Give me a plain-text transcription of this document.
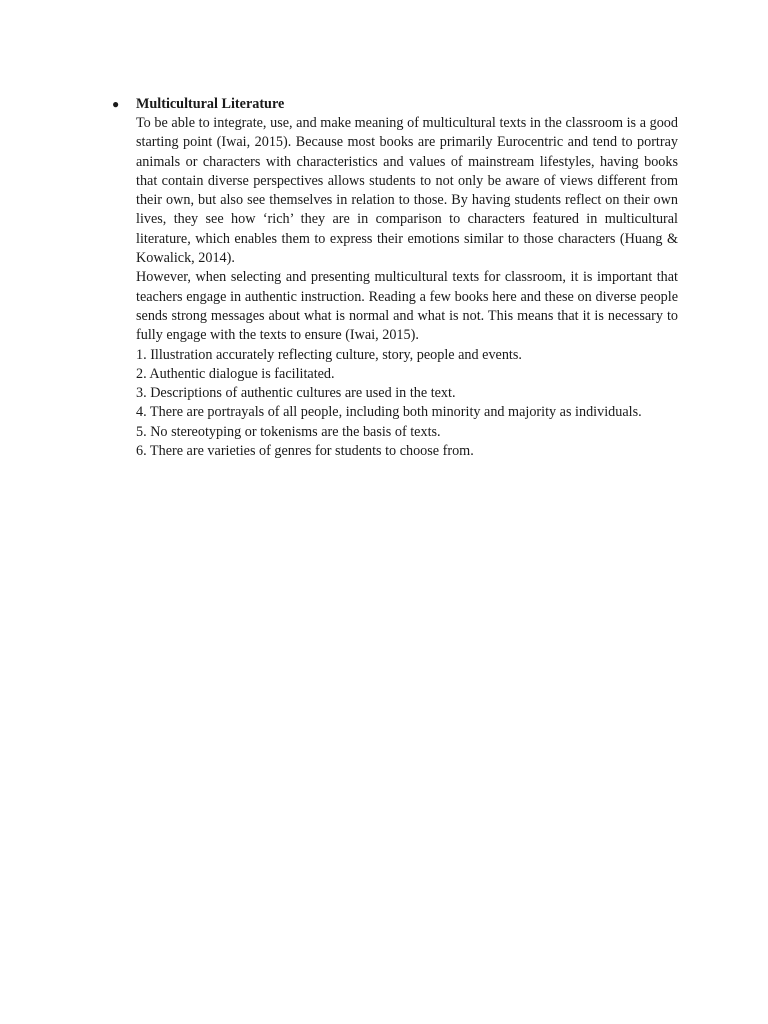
● Multicultural Literature

To be able to integrate, use, and make meaning of multicultural texts in the classroom is a good starting point (Iwai, 2015). Because most books are primarily Eurocentric and tend to portray animals or characters with characteristics and values of mainstream lifestyles, having books that contain diverse perspectives allows students to not only be aware of views different from their own, but also see themselves in relation to those. By having students reflect on their own lives, they see how ‘rich’ they are in comparison to characters featured in multicultural literature, which enables them to express their emotions similar to those characters (Huang & Kowalick, 2014).

However, when selecting and presenting multicultural texts for classroom, it is important that teachers engage in authentic instruction. Reading a few books here and these on diverse people sends strong messages about what is normal and what is not. This means that it is necessary to fully engage with the texts to ensure (Iwai, 2015).

1. Illustration accurately reflecting culture, story, people and events.
2. Authentic dialogue is facilitated.
3. Descriptions of authentic cultures are used in the text.
4. There are portrayals of all people, including both minority and majority as individuals.
5. No stereotyping or tokenisms are the basis of texts.
6. There are varieties of genres for students to choose from.
